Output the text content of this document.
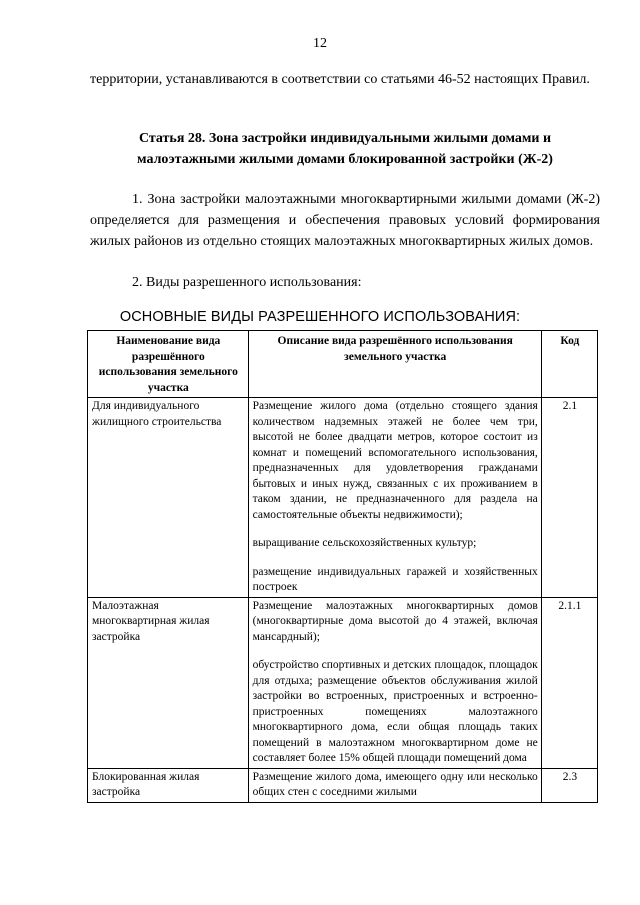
12
территории, устанавливаются в соответствии со статьями 46-52 настоящих Правил.
Статья 28. Зона застройки индивидуальными жилыми домами и малоэтажными жилыми домами блокированной застройки (Ж-2)
1. Зона застройки малоэтажными многоквартирными жилыми домами (Ж-2) определяется для размещения и обеспечения правовых условий формирования жилых районов из отдельно стоящих малоэтажных многоквартирных жилых домов.
2. Виды разрешенного использования:
ОСНОВНЫЕ ВИДЫ РАЗРЕШЕННОГО ИСПОЛЬЗОВАНИЯ:
Наименование вида разрешённого использования земельного участка	Описание вида разрешённого использования земельного участка	Код
Для индивидуального жилищного строительства	Размещение жилого дома (отдельно стоящего здания количеством надземных этажей не более чем три, высотой не более двадцати метров, которое состоит из комнат и помещений вспомогательного использования, предназначенных для удовлетворения гражданами бытовых и иных нужд, связанных с их проживанием в таком здании, не предназначенного для раздела на самостоятельные объекты недвижимости);

выращивание сельскохозяйственных культур;

размещение индивидуальных гаражей и хозяйственных построек	2.1
Малоэтажная многоквартирная жилая застройка	Размещение малоэтажных многоквартирных домов (многоквартирные дома высотой до 4 этажей, включая мансардный);

обустройство спортивных и детских площадок, площадок для отдыха; размещение объектов обслуживания жилой застройки во встроенных, пристроенных и встроенно-пристроенных помещениях малоэтажного многоквартирного дома, если общая площадь таких помещений в малоэтажном многоквартирном доме не составляет более 15% общей площади помещений дома	2.1.1
Блокированная жилая застройка	Размещение жилого дома, имеющего одну или несколько общих стен с соседними жилыми	2.3
